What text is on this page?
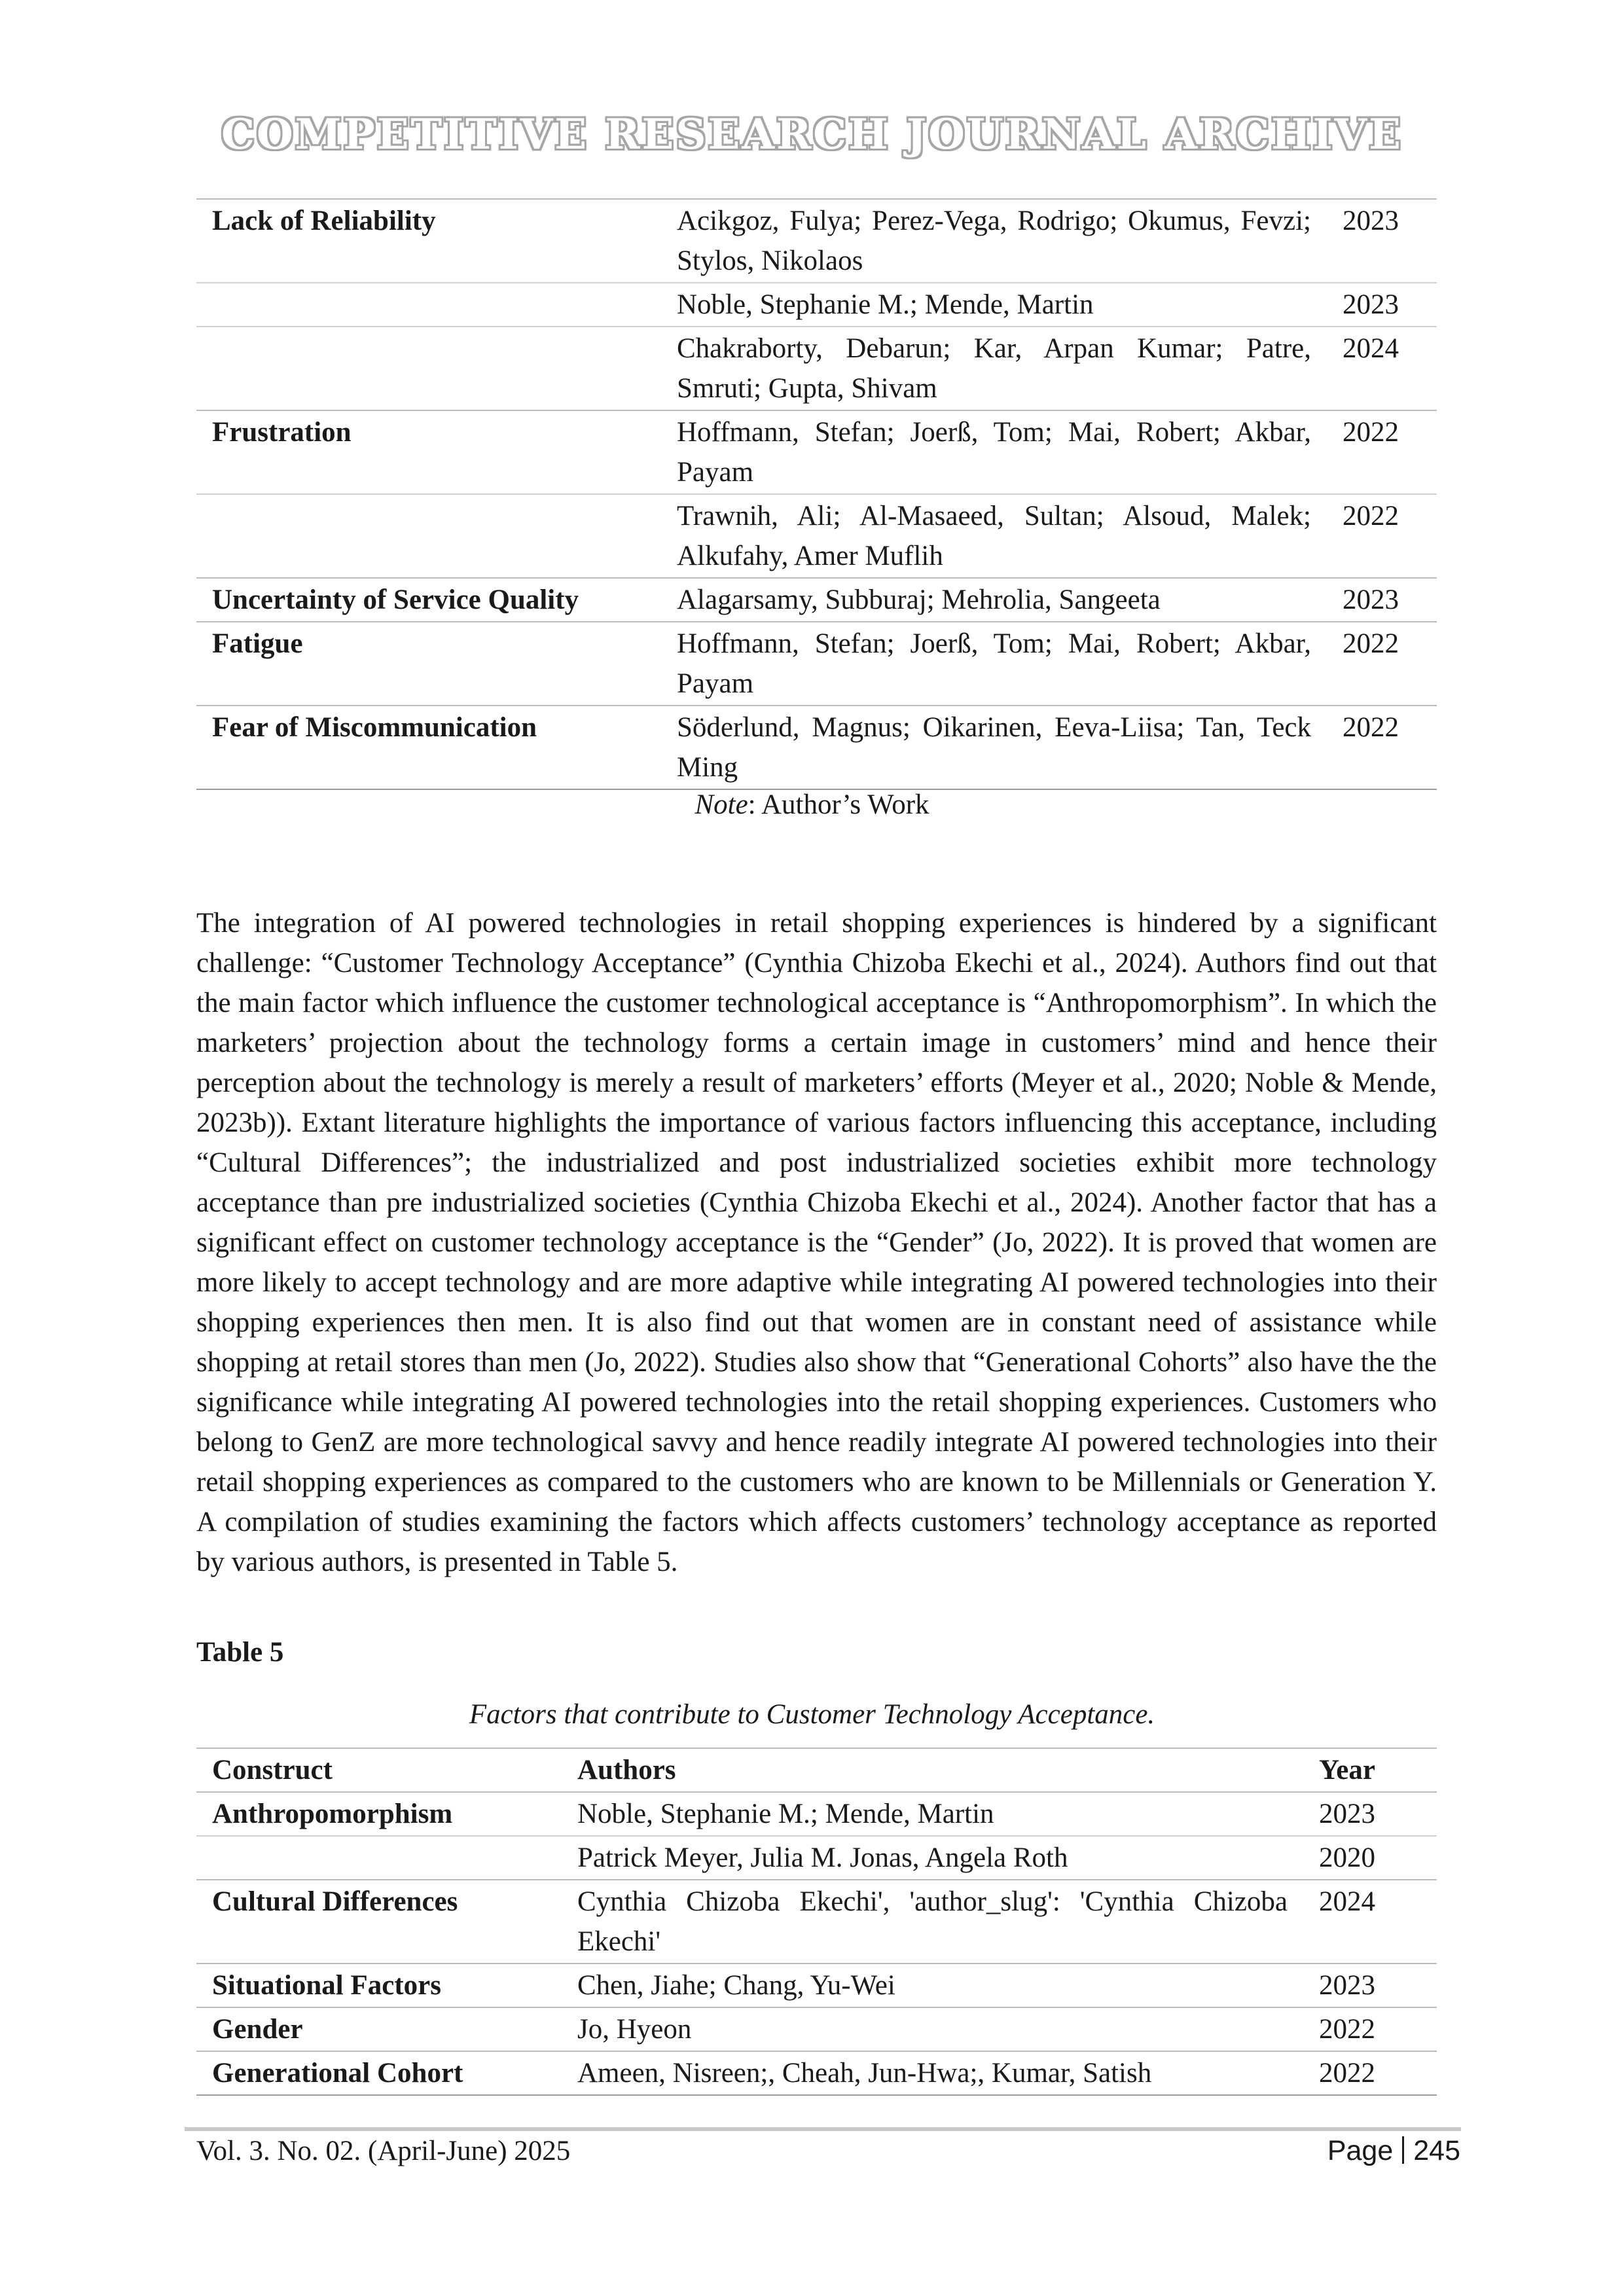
COMPETITIVE RESEARCH JOURNAL ARCHIVE
Lack of Reliability	Acikgoz, Fulya; Perez-Vega, Rodrigo; Okumus, Fevzi; Stylos, Nikolaos	2023
	Noble, Stephanie M.; Mende, Martin	2023
	Chakraborty, Debarun; Kar, Arpan Kumar; Patre, Smruti; Gupta, Shivam	2024
Frustration	Hoffmann, Stefan; Joerß, Tom; Mai, Robert; Akbar, Payam	2022
	Trawnih, Ali; Al-Masaeed, Sultan; Alsoud, Malek; Alkufahy, Amer Muflih	2022
Uncertainty of Service Quality	Alagarsamy, Subburaj; Mehrolia, Sangeeta	2023
Fatigue	Hoffmann, Stefan; Joerß, Tom; Mai, Robert; Akbar, Payam	2022
Fear of Miscommunication	Söderlund, Magnus; Oikarinen, Eeva-Liisa; Tan, Teck Ming	2022
Note: Author’s Work

The integration of AI powered technologies in retail shopping experiences is hindered by a significant challenge: “Customer Technology Acceptance” (Cynthia Chizoba Ekechi et al., 2024). Authors find out that the main factor which influence the customer technological acceptance is “Anthropomorphism”. In which the marketers’ projection about the technology forms a certain image in customers’ mind and hence their perception about the technology is merely a result of marketers’ efforts (Meyer et al., 2020; Noble & Mende, 2023b)). Extant literature highlights the importance of various factors influencing this acceptance, including “Cultural Differences”; the industrialized and post industrialized societies exhibit more technology acceptance than pre industrialized societies (Cynthia Chizoba Ekechi et al., 2024). Another factor that has a significant effect on customer technology acceptance is the “Gender” (Jo, 2022). It is proved that women are more likely to accept technology and are more adaptive while integrating AI powered technologies into their shopping experiences then men. It is also find out that women are in constant need of assistance while shopping at retail stores than men (Jo, 2022). Studies also show that “Generational Cohorts” also have the the significance while integrating AI powered technologies into the retail shopping experiences. Customers who belong to GenZ are more technological savvy and hence readily integrate AI powered technologies into their retail shopping experiences as compared to the customers who are known to be Millennials or Generation Y. A compilation of studies examining the factors which affects customers’ technology acceptance as reported by various authors, is presented in Table 5.

Table 5
Factors that contribute to Customer Technology Acceptance.
Construct	Authors	Year
Anthropomorphism	Noble, Stephanie M.; Mende, Martin	2023
	Patrick Meyer, Julia M. Jonas, Angela Roth	2020
Cultural Differences	Cynthia Chizoba Ekechi', 'author_slug': 'Cynthia Chizoba Ekechi'	2024
Situational Factors	Chen, Jiahe; Chang, Yu-Wei	2023
Gender	Jo, Hyeon	2022
Generational Cohort	Ameen, Nisreen;, Cheah, Jun-Hwa;, Kumar, Satish	2022
Vol. 3. No. 02. (April-June) 2025	Page 245
